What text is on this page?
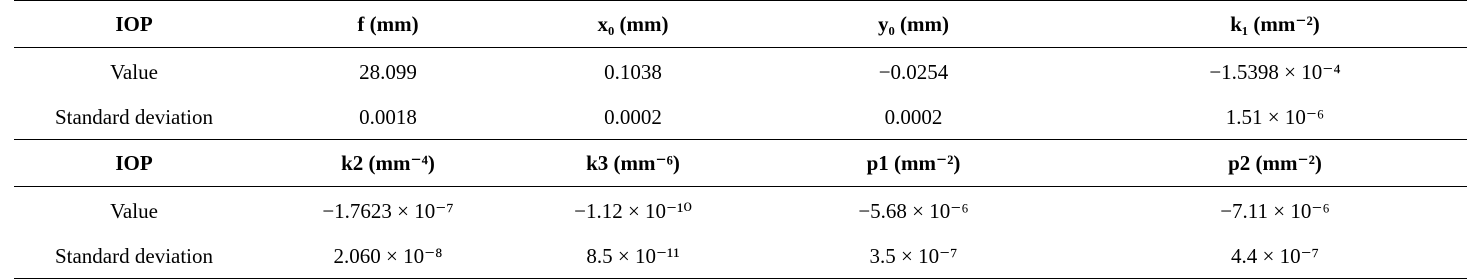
IOP	f (mm)	x₀ (mm)	y₀ (mm)	k₁ (mm⁻²)
Value	28.099	0.1038	−0.0254	−1.5398 × 10⁻⁴
Standard deviation	0.0018	0.0002	0.0002	1.51 × 10⁻⁶
IOP	k2 (mm⁻⁴)	k3 (mm⁻⁶)	p1 (mm⁻²)	p2 (mm⁻²)
Value	−1.7623 × 10⁻⁷	−1.12 × 10⁻¹⁰	−5.68 × 10⁻⁶	−7.11 × 10⁻⁶
Standard deviation	2.060 × 10⁻⁸	8.5 × 10⁻¹¹	3.5 × 10⁻⁷	4.4 × 10⁻⁷
